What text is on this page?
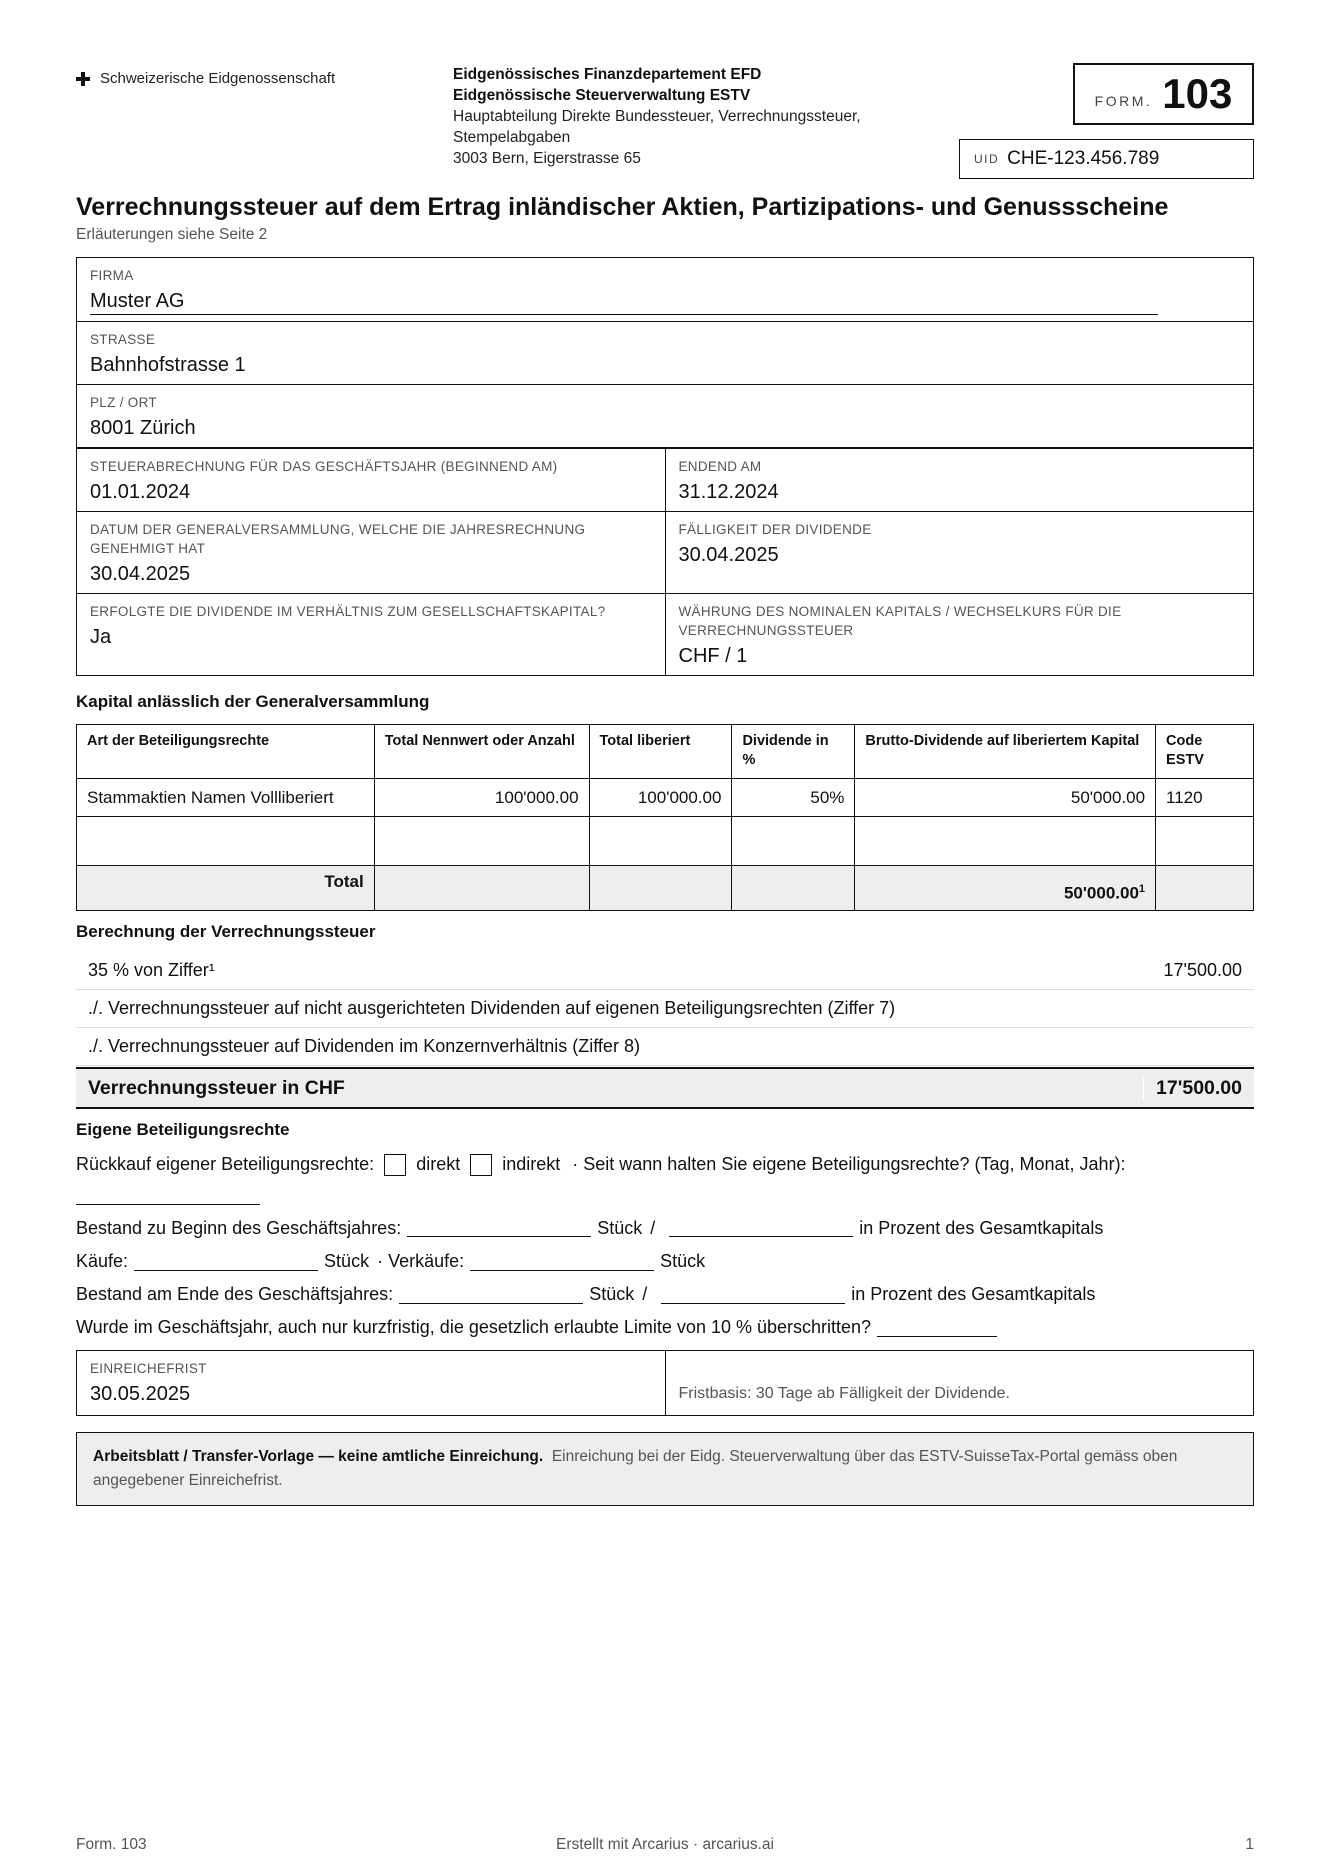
Schweizerische Eidgenossenschaft	Eidgenössisches Finanzdepartement EFD
Eidgenössische Steuerverwaltung ESTV
Hauptabteilung Direkte Bundessteuer, Verrechnungssteuer,
Stempelabgaben
3003 Bern, Eigerstrasse 65
FORM. 103
UID CHE-123.456.789
Verrechnungssteuer auf dem Ertrag inländischer Aktien, Partizipations- und Genussscheine
Erläuterungen siehe Seite 2
FIRMA
Muster AG
STRASSE
Bahnhofstrasse 1
PLZ / ORT
8001 Zürich
STEUERABRECHNUNG FÜR DAS GESCHÄFTSJAHR (BEGINNEND AM)
01.01.2024
ENDEND AM
31.12.2024
DATUM DER GENERALVERSAMMLUNG, WELCHE DIE JAHRESRECHNUNG GENEHMIGT HAT
30.04.2025
FÄLLIGKEIT DER DIVIDENDE
30.04.2025
ERFOLGTE DIE DIVIDENDE IM VERHÄLTNIS ZUM GESELLSCHAFTSKAPITAL?
Ja
WÄHRUNG DES NOMINALEN KAPITALS / WECHSELKURS FÜR DIE VERRECHNUNGSSTEUER
CHF / 1
Kapital anlässlich der Generalversammlung
Art der Beteiligungsrechte	Total Nennwert oder Anzahl	Total liberiert	Dividende in %	Brutto-Dividende auf liberiertem Kapital	Code ESTV
Stammaktien Namen Vollliberiert	100'000.00	100'000.00	50%	50'000.00	1120

Total				50'000.00$^1$	
Berechnung der Verrechnungssteuer
35 % von Ziffer¹	17'500.00
./. Verrechnungssteuer auf nicht ausgerichteten Dividenden auf eigenen Beteiligungsrechten (Ziffer 7)
./. Verrechnungssteuer auf Dividenden im Konzernverhältnis (Ziffer 8)
Verrechnungssteuer in CHF	17'500.00
Eigene Beteiligungsrechte
Rückkauf eigener Beteiligungsrechte: direkt indirekt · Seit wann halten Sie eigene Beteiligungsrechte? (Tag, Monat, Jahr):
Bestand zu Beginn des Geschäftsjahres:	Stück /	in Prozent des Gesamtkapitals
Käufe:	Stück · Verkäufe:	Stück
Bestand am Ende des Geschäftsjahres:	Stück /	in Prozent des Gesamtkapitals
Wurde im Geschäftsjahr, auch nur kurzfristig, die gesetzlich erlaubte Limite von 10 % überschritten?
EINREICHEFRIST
30.05.2025	Fristbasis: 30 Tage ab Fälligkeit der Dividende.
Arbeitsblatt / Transfer-Vorlage — keine amtliche Einreichung. Einreichung bei der Eidg. Steuerverwaltung über das ESTV-SuisseTax-Portal gemäss oben angegebener Einreichefrist.
Form. 103	Erstellt mit Arcarius · arcarius.ai	1
